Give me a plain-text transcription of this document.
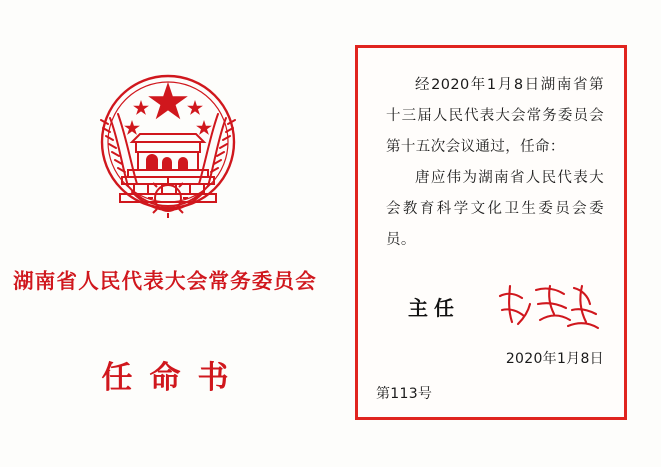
湖南省人民代表大会常务委员会
任命书

经2020年1月8日湖南省第十三届人民代表大会常务委员会第十五次会议通过，任命：

唐应伟为湖南省人民代表大会教育科学文化卫生委员会委员。

主任
2020年1月8日
第113号
